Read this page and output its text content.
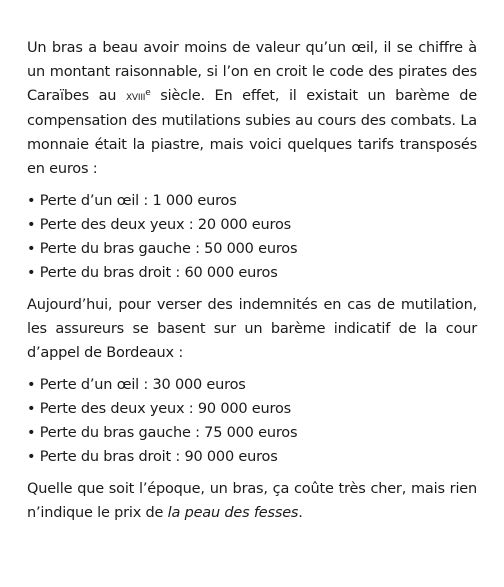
Un bras a beau avoir moins de valeur qu’un œil, il se chiffre à un montant raisonnable, si l’on en croit le code des pirates des Caraïbes au xviii$^e$ siècle. En effet, il existait un barème de compensation des mutilations subies au cours des combats. La monnaie était la piastre, mais voici quelques tarifs transposés en euros :

• Perte d’un œil : 1 000 euros
• Perte des deux yeux : 20 000 euros
• Perte du bras gauche : 50 000 euros
• Perte du bras droit : 60 000 euros

Aujourd’hui, pour verser des indemnités en cas de mutilation, les assureurs se basent sur un barème indicatif de la cour d’appel de Bordeaux :

• Perte d’un œil : 30 000 euros
• Perte des deux yeux : 90 000 euros
• Perte du bras gauche : 75 000 euros
• Perte du bras droit : 90 000 euros

Quelle que soit l’époque, un bras, ça coûte très cher, mais rien n’indique le prix de la peau des fesses.
